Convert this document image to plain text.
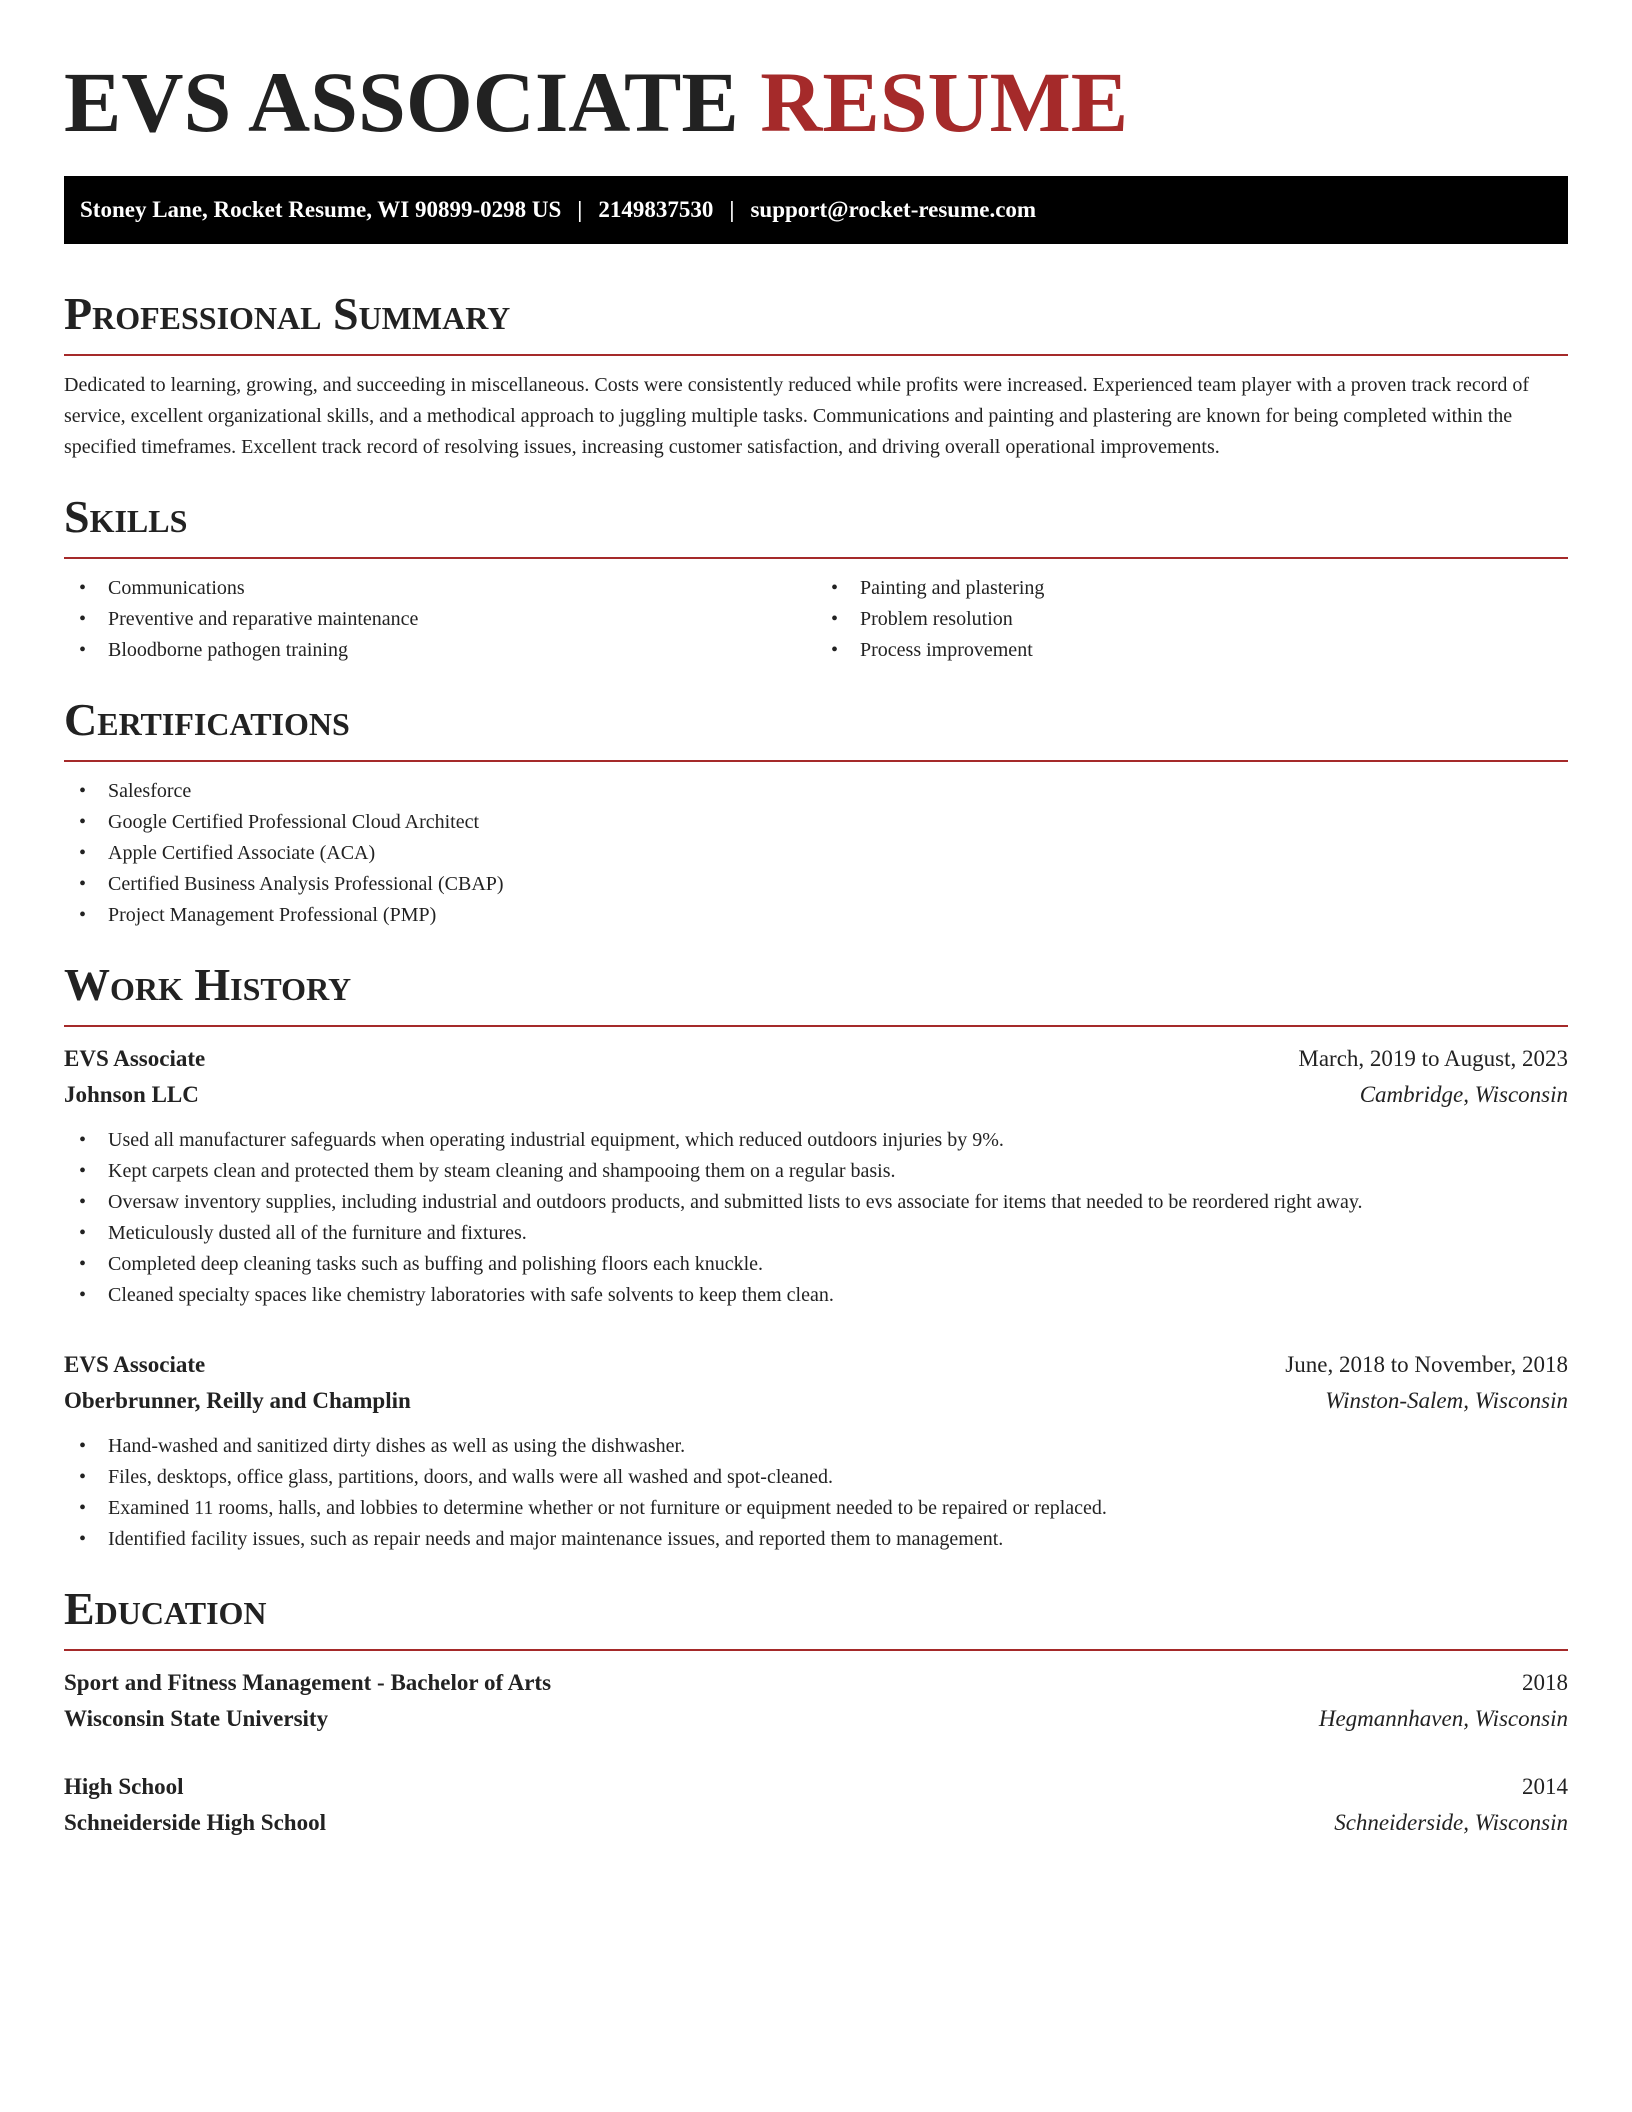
EVS ASSOCIATE RESUME
Stoney Lane, Rocket Resume, WI 90899-0298 US | 2149837530 | support@rocket-resume.com
Professional Summary

Dedicated to learning, growing, and succeeding in miscellaneous. Costs were consistently reduced while profits were increased. Experienced team player with a proven track record of service, excellent organizational skills, and a methodical approach to juggling multiple tasks. Communications and painting and plastering are known for being completed within the specified timeframes. Excellent track record of resolving issues, increasing customer satisfaction, and driving overall operational improvements.

Skills
• Communications
• Preventive and reparative maintenance
• Bloodborne pathogen training
• Painting and plastering
• Problem resolution
• Process improvement
Certifications
• Salesforce
• Google Certified Professional Cloud Architect
• Apple Certified Associate (ACA)
• Certified Business Analysis Professional (CBAP)
• Project Management Professional (PMP)
Work History
EVS Associate	March, 2019 to August, 2023
Johnson LLC	Cambridge, Wisconsin
• Used all manufacturer safeguards when operating industrial equipment, which reduced outdoors injuries by 9%.
• Kept carpets clean and protected them by steam cleaning and shampooing them on a regular basis.
• Oversaw inventory supplies, including industrial and outdoors products, and submitted lists to evs associate for items that needed to be reordered right away.
• Meticulously dusted all of the furniture and fixtures.
• Completed deep cleaning tasks such as buffing and polishing floors each knuckle.
• Cleaned specialty spaces like chemistry laboratories with safe solvents to keep them clean.
EVS Associate	June, 2018 to November, 2018
Oberbrunner, Reilly and Champlin	Winston-Salem, Wisconsin
• Hand-washed and sanitized dirty dishes as well as using the dishwasher.
• Files, desktops, office glass, partitions, doors, and walls were all washed and spot-cleaned.
• Examined 11 rooms, halls, and lobbies to determine whether or not furniture or equipment needed to be repaired or replaced.
• Identified facility issues, such as repair needs and major maintenance issues, and reported them to management.
Education
Sport and Fitness Management - Bachelor of Arts	2018
Wisconsin State University	Hegmannhaven, Wisconsin
High School	2014
Schneiderside High School	Schneiderside, Wisconsin
